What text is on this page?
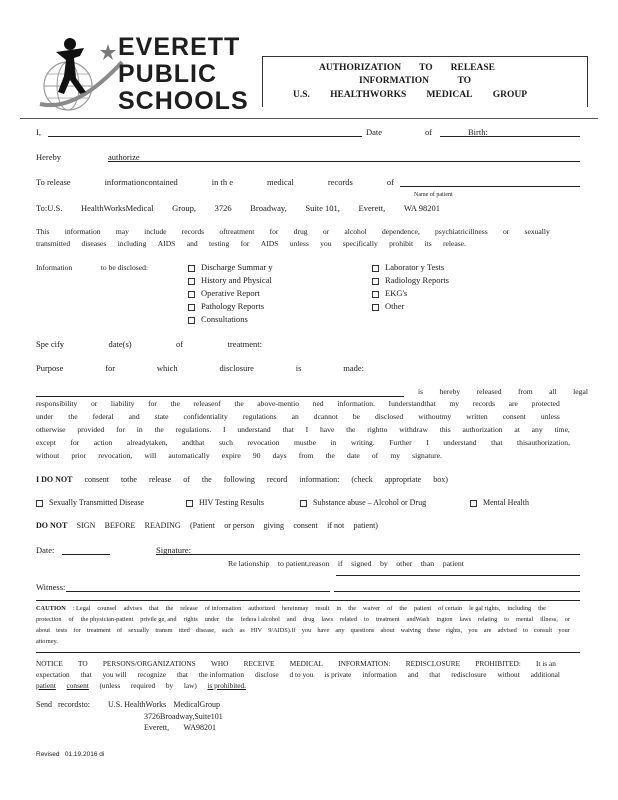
EVERETT
PUBLIC
SCHOOLS
AUTHORIZATION TO RELEASE
INFORMATION	TO
U.S. HEALTHWORKS MEDICAL GROUP
I,	Date	of	Birth:
Hereby	authorize
To release	informationcontained	in th e	medical	records	of
Name of patient
To:U.S. HealthWorksMedical Group, 3726 Broadway, Suite 101, Everett, WA 98201
This information may include records oftreatment for drug or alcohol dependence, psychiatricillness or sexually
transmitted diseases including AIDS and testing for AIDS unless you specifically prohibit its release.
Information	to be disclosed:	Discharge Summar y
History and Physical
Operative Report
Pathology Reports
Consultations
Laborator y Tests
Radiology Reports
EKG's
Other
Spe cify	date(s)	of	treatment:
Purpose	for	which	disclosure	is	made:
is hereby released from all legal
responsibility or liability for the releaseof the above-mentio ned information. Iunderstandthat my records are protected
under the federal and state confidentiality regulations an dcannot be disclosed withoutmy written consent unless
otherwise provided for in the regulations. I understand that I have the rightto withdraw this authorization at any time,
except for action alreadytaken, andthat such revocation mustbe in writing. Further I understand that thisauthorization,
without prior revocation, will automatically expire 90 days from the date of my signature.
I DO NOT consent tothe release of the following record information: (check appropriate box)
Sexually Transmitted Disease	HIV Testing Results	Substance abuse – Alcohol or Drug	Mental Health
DO NOT SIGN BEFORE READING (Patient or person giving consent if not patient)
Date:	Signature:
Re lationship to patient,reason if signed by other than patient
Witness:
CAUTION : Legal counsel advises that the release of information authorized hereinmay result in the waiver of the patient of certain le gal rights, including the
protection of the physician-patient privile ge, and rights under the federa l alcohol and drug laws related to treatment andWash ington laws relating to mental illness, or
about tests for treatment of sexually transm itted disease, such as HIV 9/AIDS).If you have any questions about waiving these rights, you are advised to consult your
attorney.
NOTICE TO PERSONS/ORGANIZATIONS WHO RECEIVE MEDICAL INFORMATION: REDISCLOSURE PROHIBITED: It is an
expectation that you will recognize that the information disclose d to you is private information and that redisclosure without additional
patient consent (unless required by law) is prohibited.
Send   recordsto: U.S. HealthWorks MedicalGroup
3726Broadway,Suite101
Everett, WA98201
Revised   01.19.2016 di
